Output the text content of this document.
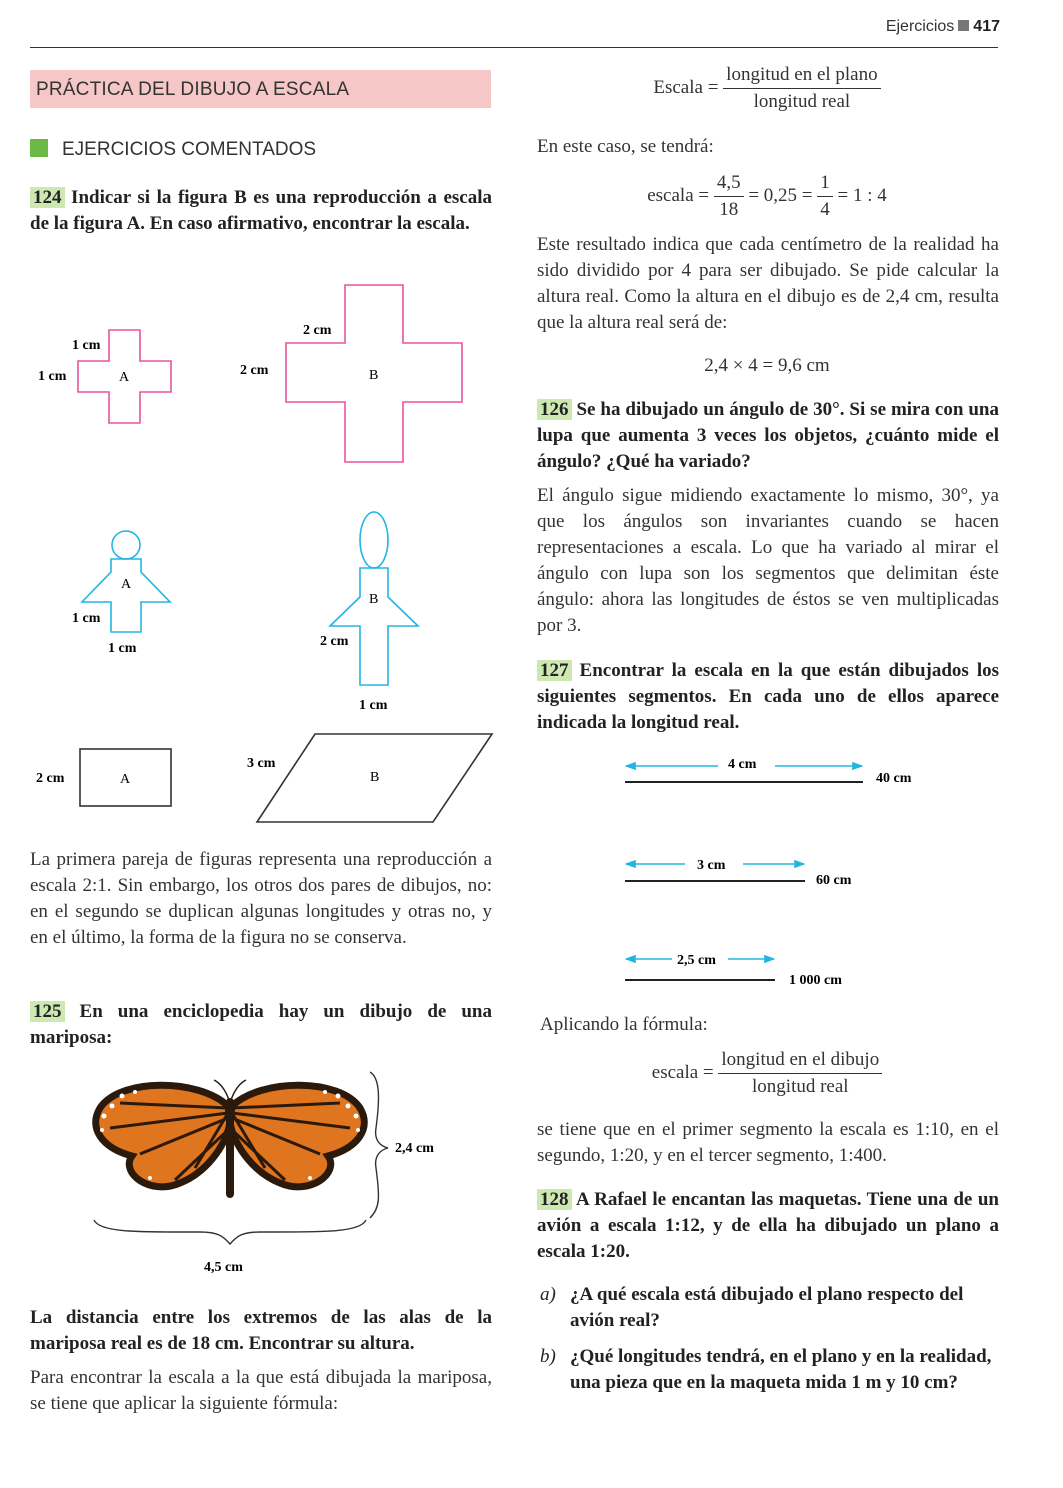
Ejercicios 417
PRÁCTICA DEL DIBUJO A ESCALA
EJERCICIOS COMENTADOS
124 Indicar si la figura B es una reproducción a escala de la figura A. En caso afirmativo, encontrar la escala.
A
1 cm
1 cm	B
2 cm
2 cm
A
1 cm
1 cm
B
2 cm
1 cm
A
2 cm	B
3 cm
La primera pareja de figuras representa una reproducción a escala 2:1. Sin embargo, los otros dos pares de dibujos, no: en el segundo se duplican algunas longitudes y otras no, y en el último, la forma de la figura no se conserva.
125 En una enciclopedia hay un dibujo de una mariposa:
2,4 cm
4,5 cm
La distancia entre los extremos de las alas de la mariposa real es de 18 cm. Encontrar su altura.
Para encontrar la escala a la que está dibujada la mariposa, se tiene que aplicar la siguiente fórmula:
Escala = $\frac{\text{longitud en el plano}}{\text{longitud real}}$
En este caso, se tendrá:
escala = $\frac{4,5}{18} = 0,25 = \frac{1}{4} = 1$ : 4
Este resultado indica que cada centímetro de la realidad ha sido dividido por 4 para ser dibujado. Se pide calcular la altura real. Como la altura en el dibujo es de 2,4 cm, resulta que la altura real será de:
2,4 × 4 = 9,6 cm
126 Se ha dibujado un ángulo de 30°. Si se mira con una lupa que aumenta 3 veces los objetos, ¿cuánto mide el ángulo? ¿Qué ha variado?
El ángulo sigue midiendo exactamente lo mismo, 30°, ya que los ángulos son invariantes cuando se hacen representaciones a escala. Lo que ha variado al mirar el ángulo con lupa son los segmentos que delimitan éste ángulo: ahora las longitudes de éstos se ven multiplicadas por 3.
127 Encontrar la escala en la que están dibujados los siguientes segmentos. En cada uno de ellos aparece indicada la longitud real.
4 cm
40 cm
3 cm
60 cm
2,5 cm
1 000 cm
Aplicando la fórmula:
escala = $\frac{\text{longitud en el dibujo}}{\text{longitud real}}$
se tiene que en el primer segmento la escala es 1:10, en el segundo, 1:20, y en el tercer segmento, 1:400.
128 A Rafael le encantan las maquetas. Tiene una de un avión a escala 1:12, y de ella ha dibujado un plano a escala 1:20.
a) ¿A qué escala está dibujado el plano respecto del avión real?
b) ¿Qué longitudes tendrá, en el plano y en la realidad, una pieza que en la maqueta mida 1 m y 10 cm?
